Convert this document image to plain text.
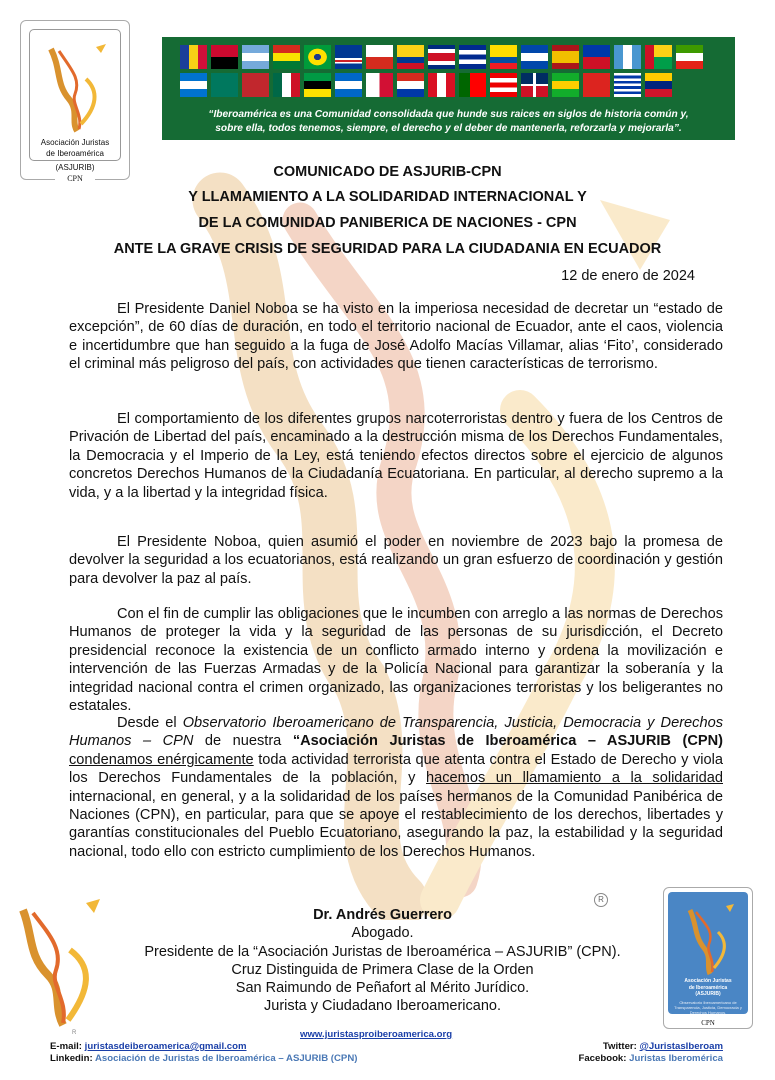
Asociación Juristas
de Iberoamérica
(ASJURIB)
CPN
“Iberoamérica es una Comunidad consolidada que hunde sus raices en siglos de historia común y,
sobre ella, todos tenemos, siempre, el derecho y el deber de mantenerla, reforzarla y mejorarla”.
COMUNICADO DE ASJURIB-CPN
Y LLAMAMIENTO A LA SOLIDARIDAD INTERNACIONAL Y
DE LA COMUNIDAD PANIBERICA DE NACIONES - CPN
ANTE LA GRAVE CRISIS DE SEGURIDAD PARA LA CIUDADANIA EN ECUADOR
12 de enero de 2024

El Presidente Daniel Noboa se ha visto en la imperiosa necesidad de decretar un “estado de excepción”, de 60 días de duración, en todo el territorio nacional de Ecuador, ante el caos, violencia e incertidumbre que han seguido a la fuga de José Adolfo Macías Villamar, alias ‘Fito’, considerado el criminal más peligroso del país, con actividades que tienen características de terrorismo.

El comportamiento de los diferentes grupos narcoterroristas dentro y fuera de los Centros de Privación de Libertad del país, encaminado a la destrucción misma de los Derechos Fundamentales, la Democracia y el Imperio de la Ley, está teniendo efectos directos sobre el ejercicio de algunos concretos Derechos Humanos de la Ciudadanía Ecuatoriana. En particular, al derecho supremo a la vida, y a la libertad y la integridad física.

El Presidente Noboa, quien asumió el poder en noviembre de 2023 bajo la promesa de devolver la seguridad a los ecuatorianos, está realizando un gran esfuerzo de coordinación y gestión para devolver la paz al país.

Con el fin de cumplir las obligaciones que le incumben con arreglo a las normas de Derechos Humanos de proteger la vida y la seguridad de las personas de su jurisdicción, el Decreto presidencial reconoce la existencia de un conflicto armado interno y ordena la movilización e intervención de las Fuerzas Armadas y de la Policía Nacional para garantizar la soberanía y la integridad nacional contra el crimen organizado, las organizaciones terroristas y los beligerantes no estatales.

Desde el Observatorio Iberoamericano de Transparencia, Justicia, Democracia y Derechos Humanos – CPN de nuestra “Asociación Juristas de Iberoamérica – ASJURIB (CPN) condenamos enérgicamente toda actividad terrorista que atenta contra el Estado de Derecho y viola los Derechos Fundamentales de la población, y hacemos un llamamiento a la solidaridad internacional, en general, y a la solidaridad de los países hermanos de la Comunidad Panibérica de Naciones (CPN), en particular, para que se apoye el restablecimiento de los derechos, libertades y garantías constitucionales del Pueblo Ecuatoriano, asegurando la paz, la estabilidad y la seguridad nacional, todo ello con estricto cumplimiento de los Derechos Humanos.

R
R
Dr. Andrés Guerrero
Abogado.
Presidente de la “Asociación Juristas de Iberoamérica – ASJURIB” (CPN).
Cruz Distinguida de Primera Clase de la Orden
San Raimundo de Peñafort al Mérito Jurídico.
Jurista y Ciudadano Iberoamericano.
Asociación Juristas
de Iberoamérica
(ASJURIB)
Observatorio Iberoamericano de Transparencia, Justicia, Democracia y Derechos Humanos.
CPN
www.juristasproiberoamerica.org
E-mail: juristasdeiberoamerica@gmail.com
Linkedin: Asociación de Juristas de Iberoamérica – ASJURIB (CPN)
Twitter: @JuristasIberoam
Facebook: Juristas Iberomérica
